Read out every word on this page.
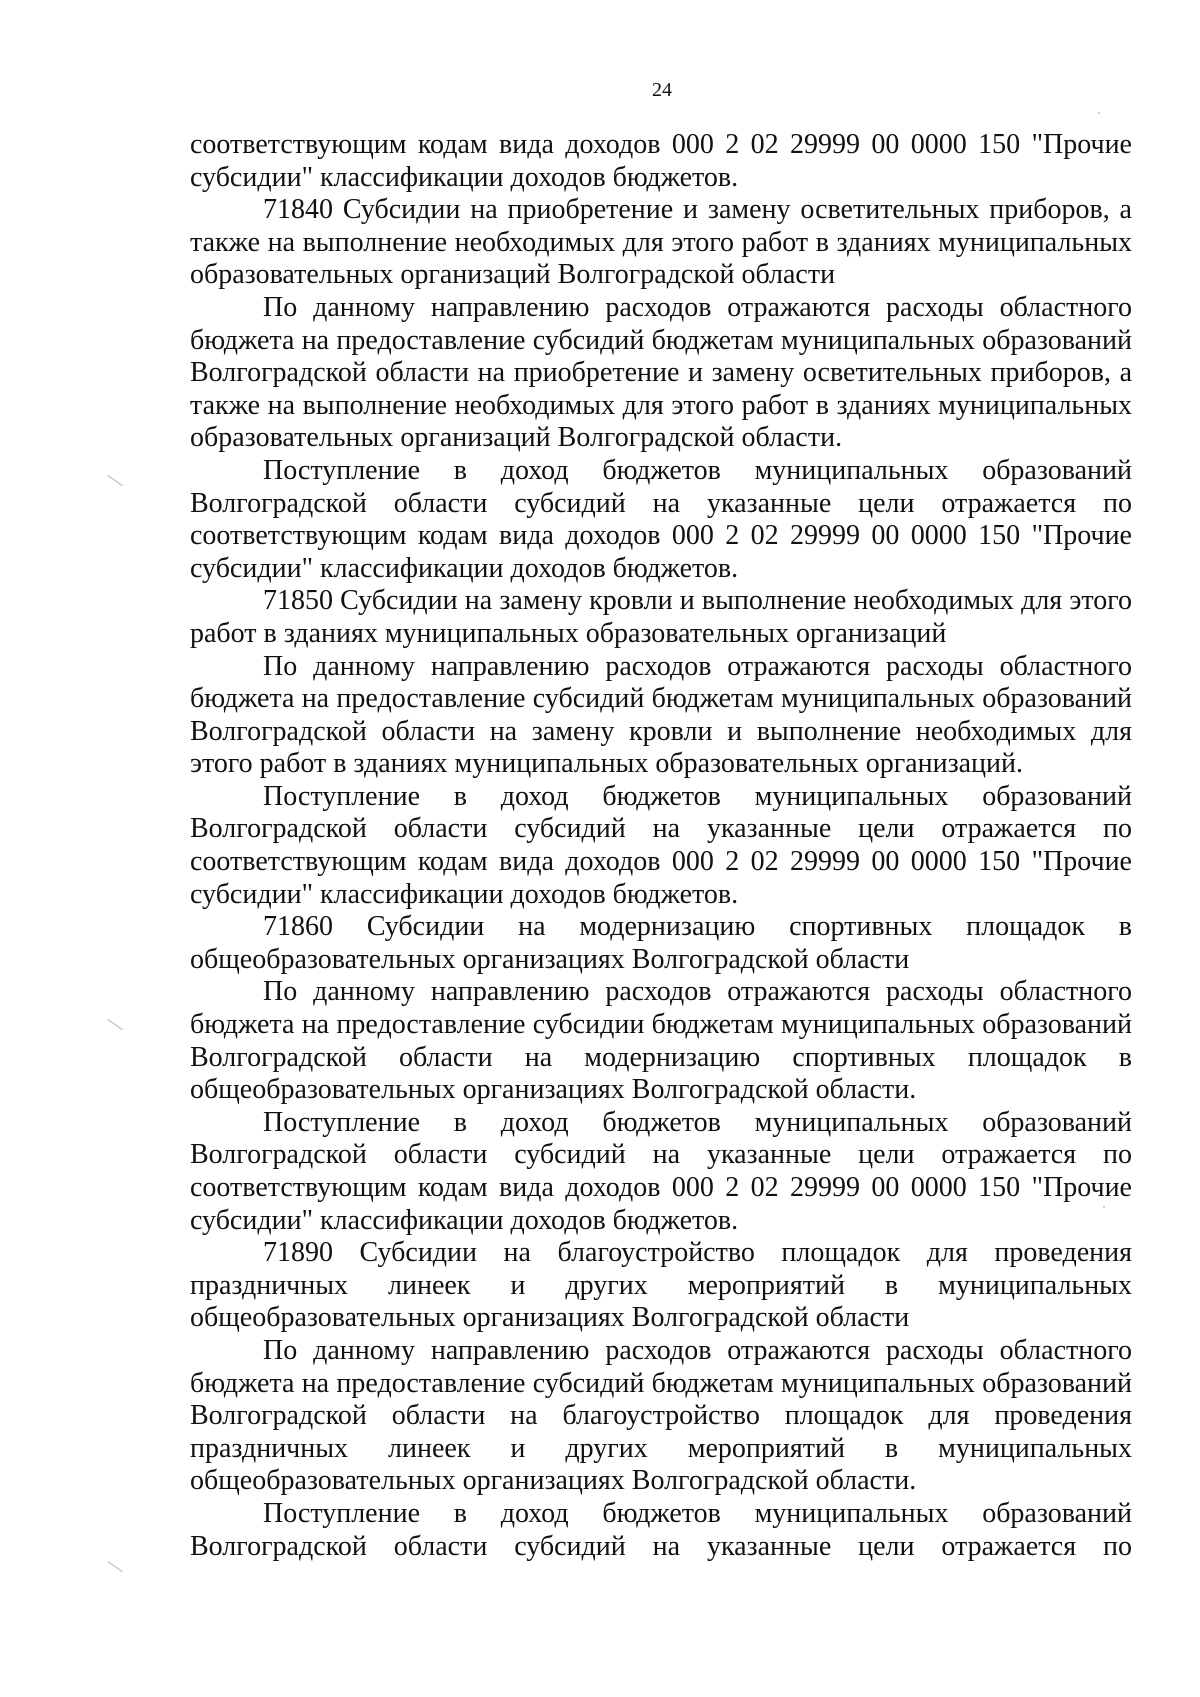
24

соответствующим кодам вида доходов 000 2 02 29999 00 0000 150 "Прочие субсидии" классификации доходов бюджетов.

71840 Субсидии на приобретение и замену осветительных приборов, а также на выполнение необходимых для этого работ в зданиях муниципальных образовательных организаций Волгоградской области

По данному направлению расходов отражаются расходы областного бюджета на предоставление субсидий бюджетам муниципальных образований Волгоградской области на приобретение и замену осветительных приборов, а также на выполнение необходимых для этого работ в зданиях муниципальных образовательных организаций Волгоградской области.

Поступление в доход бюджетов муниципальных образований Волгоградской области субсидий на указанные цели отражается по соответствующим кодам вида доходов 000 2 02 29999 00 0000 150 "Прочие субсидии" классификации доходов бюджетов.

71850 Субсидии на замену кровли и выполнение необходимых для этого работ в зданиях муниципальных образовательных организаций

По данному направлению расходов отражаются расходы областного бюджета на предоставление субсидий бюджетам муниципальных образований Волгоградской области на замену кровли и выполнение необходимых для этого работ в зданиях муниципальных образовательных организаций.

Поступление в доход бюджетов муниципальных образований Волгоградской области субсидий на указанные цели отражается по соответствующим кодам вида доходов 000 2 02 29999 00 0000 150 "Прочие субсидии" классификации доходов бюджетов.

71860 Субсидии на модернизацию спортивных площадок в общеобразовательных организациях Волгоградской области

По данному направлению расходов отражаются расходы областного бюджета на предоставление субсидии бюджетам муниципальных образований Волгоградской области на модернизацию спортивных площадок в общеобразовательных организациях Волгоградской области.

Поступление в доход бюджетов муниципальных образований Волгоградской области субсидий на указанные цели отражается по соответствующим кодам вида доходов 000 2 02 29999 00 0000 150 "Прочие субсидии" классификации доходов бюджетов.

71890 Субсидии на благоустройство площадок для проведения праздничных линеек и других мероприятий в муниципальных общеобразовательных организациях Волгоградской области

По данному направлению расходов отражаются расходы областного бюджета на предоставление субсидий бюджетам муниципальных образований Волгоградской области на благоустройство площадок для проведения праздничных линеек и других мероприятий в муниципальных общеобразовательных организациях Волгоградской области.

Поступление в доход бюджетов муниципальных образований Волгоградской области субсидий на указанные цели отражается по
